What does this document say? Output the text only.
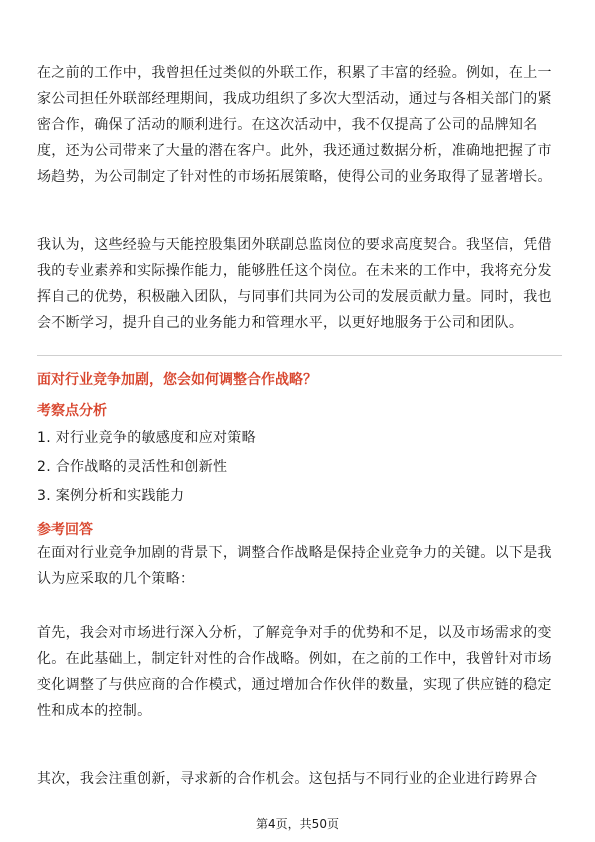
在之前的工作中，我曾担任过类似的外联工作，积累了丰富的经验。例如，在上一
家公司担任外联部经理期间，我成功组织了多次大型活动，通过与各相关部门的紧
密合作，确保了活动的顺利进行。在这次活动中，我不仅提高了公司的品牌知名
度，还为公司带来了大量的潜在客户。此外，我还通过数据分析，准确地把握了市
场趋势，为公司制定了针对性的市场拓展策略，使得公司的业务取得了显著增长。

我认为，这些经验与天能控股集团外联副总监岗位的要求高度契合。我坚信，凭借
我的专业素养和实际操作能力，能够胜任这个岗位。在未来的工作中，我将充分发
挥自己的优势，积极融入团队，与同事们共同为公司的发展贡献力量。同时，我也
会不断学习，提升自己的业务能力和管理水平，以更好地服务于公司和团队。

面对行业竞争加剧，您会如何调整合作战略？

考察点分析

1. 对行业竞争的敏感度和应对策略

2. 合作战略的灵活性和创新性

3. 案例分析和实践能力

参考回答

在面对行业竞争加剧的背景下，调整合作战略是保持企业竞争力的关键。以下是我
认为应采取的几个策略：

首先，我会对市场进行深入分析，了解竞争对手的优势和不足，以及市场需求的变
化。在此基础上，制定针对性的合作战略。例如，在之前的工作中，我曾针对市场
变化调整了与供应商的合作模式，通过增加合作伙伴的数量，实现了供应链的稳定
性和成本的控制。

其次，我会注重创新，寻求新的合作机会。这包括与不同行业的企业进行跨界合

第4页，共50页
